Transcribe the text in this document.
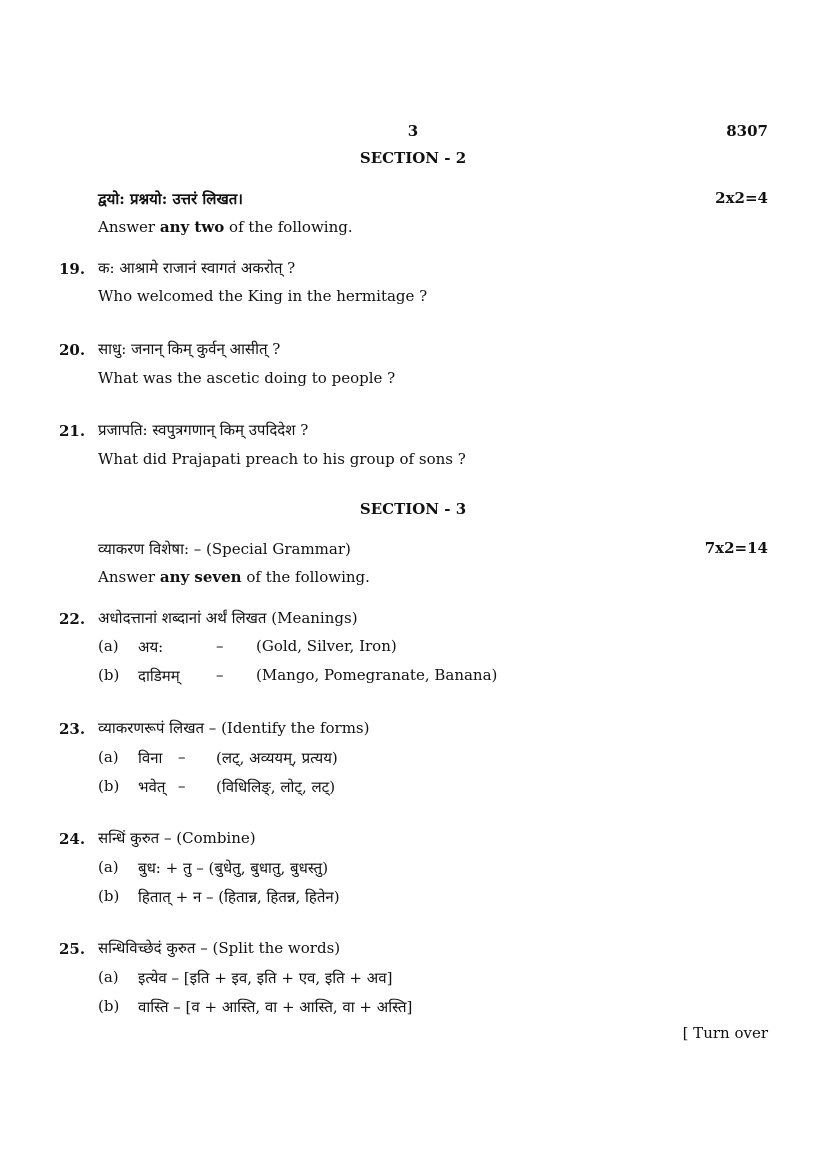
3	8307
SECTION - 2
द्वयो: प्रश्नयो: उत्तरं लिखत।	2x2=4
Answer any two of the following.
19. क: आश्रामे राजानं स्वागतं अकरोत् ?
Who welcomed the King in the hermitage ?
20. साधु: जनान् किम् कुर्वन् आसीत् ?
What was the ascetic doing to people ?
21. प्रजापति: स्वपुत्रगणान् किम् उपदिदेश ?
What did Prajapati preach to his group of sons ?
SECTION - 3
व्याकरण विशेषा: – (Special Grammar)	7x2=14
Answer any seven of the following.
22. अधोदत्तानां शब्दानां अर्थं लिखत (Meanings)
(a) अय:	– (Gold, Silver, Iron)
(b) दाडिमम् – (Mango, Pomegranate, Banana)
23. व्याकरणरूपं लिखत – (Identify the forms)
(a) विना – (लट्, अव्ययम्, प्रत्यय)
(b) भवेत् – (विधिलिङ्, लोट्, लट्)
24. सन्धिं कुरुत – (Combine)
(a) बुध: + तु – (बुधेतु, बुधातु, बुधस्तु)
(b) हितात् + न – (हितान्न, हितन्न, हितेन)
25. सन्धिविच्छेदं कुरुत – (Split the words)
(a) इत्येव – [इति + इव, इति + एव, इति + अव]
(b) वास्ति – [व + आस्ति, वा + आस्ति, वा + अस्ति]
[ Turn over
